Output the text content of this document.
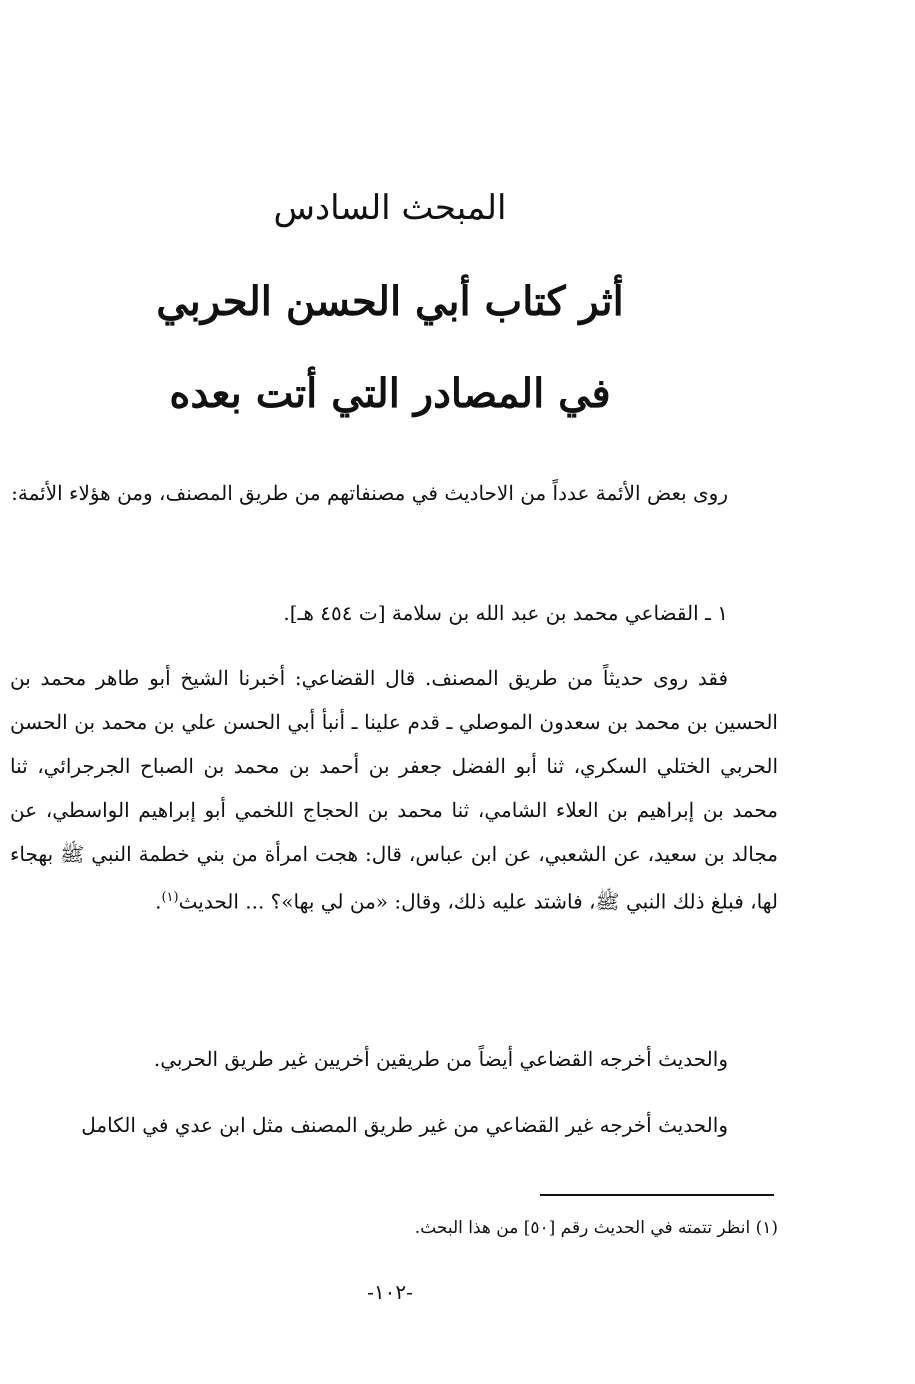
المبحث السادس
أثر كتاب أبي الحسن الحربي
في المصادر التي أتت بعده

روى بعض الأئمة عدداً من الاحاديث في مصنفاتهم من طريق المصنف، ومن هؤلاء الأئمة:

١ ـ القضاعي محمد بن عبد الله بن سلامة [ت ٤٥٤ هـ].

فقد روى حديثاً من طريق المصنف. قال القضاعي: أخبرنا الشيخ أبو طاهر محمد بن الحسين بن محمد بن سعدون الموصلي ـ قدم علينا ـ أنبأ أبي الحسن علي بن محمد بن الحسن الحربي الختلي السكري، ثنا أبو الفضل جعفر بن أحمد بن محمد بن الصباح الجرجرائي، ثنا محمد بن إبراهيم بن العلاء الشامي، ثنا محمد بن الحجاج اللخمي أبو إبراهيم الواسطي، عن مجالد بن سعيد، عن الشعبي، عن ابن عباس، قال: هجت امرأة من بني خطمة النبي ﷺ بهجاء لها، فبلغ ذلك النبي ﷺ، فاشتد عليه ذلك، وقال: «من لي بها»؟ ... الحديث$^{(١)}$.

والحديث أخرجه القضاعي أيضاً من طريقين أخريين غير طريق الحربي.

والحديث أخرجه غير القضاعي من غير طريق المصنف مثل ابن عدي في الكامل

(١) انظر تتمته في الحديث رقم [٥٠] من هذا البحث.

-١٠٢-
